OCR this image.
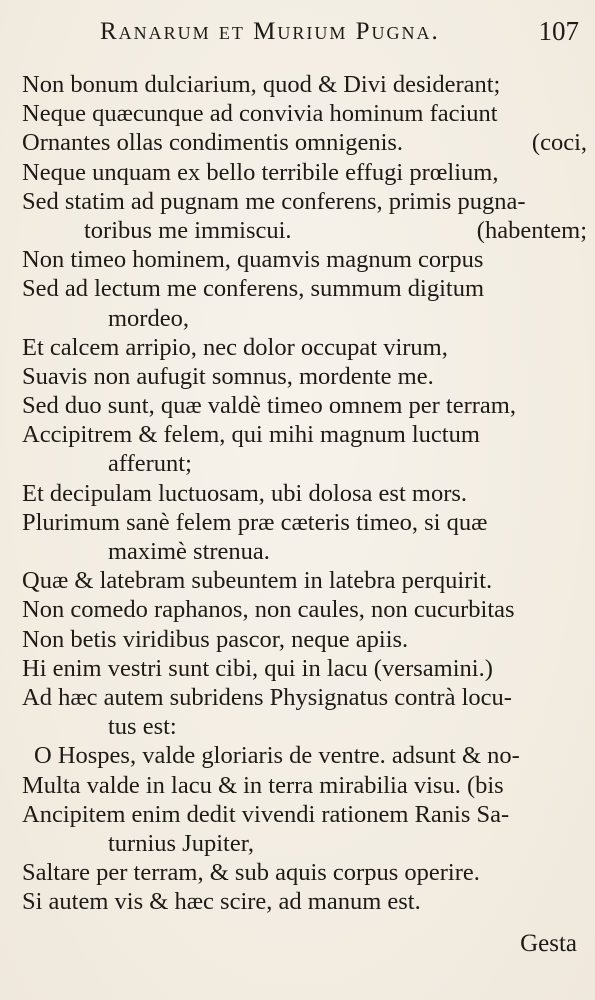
Ranarum et Murium Pugna.	107
Non bonum dulciarium, quod & Divi desiderant;
Neque quæcunque ad convivia hominum faciunt
Ornantes ollas condimentis omnigenis.	(coci,
Neque unquam ex bello terribile effugi prœlium,
Sed statim ad pugnam me conferens, primis pugna-
toribus me immiscui.	(habentem;
Non timeo hominem, quamvis magnum corpus
Sed ad lectum me conferens, summum digitum
mordeo,
Et calcem arripio, nec dolor occupat virum,
Suavis non aufugit somnus, mordente me.
Sed duo sunt, quæ valdè timeo omnem per terram,
Accipitrem & felem, qui mihi magnum luctum
afferunt;
Et decipulam luctuosam, ubi dolosa est mors.
Plurimum sanè felem præ cæteris timeo, si quæ
maximè strenua.
Quæ & latebram subeuntem in latebra perquirit.
Non comedo raphanos, non caules, non cucurbitas
Non betis viridibus pascor, neque apiis.
Hi enim vestri sunt cibi, qui in lacu (versamini.)
Ad hæc autem subridens Physignatus contrà locu-
tus est:
O Hospes, valde gloriaris de ventre. adsunt & no-
Multa valde in lacu & in terra mirabilia visu. (bis
Ancipitem enim dedit vivendi rationem Ranis Sa-
turnius Jupiter,
Saltare per terram, & sub aquis corpus operire.
Si autem vis & hæc scire, ad manum est.
Gesta
